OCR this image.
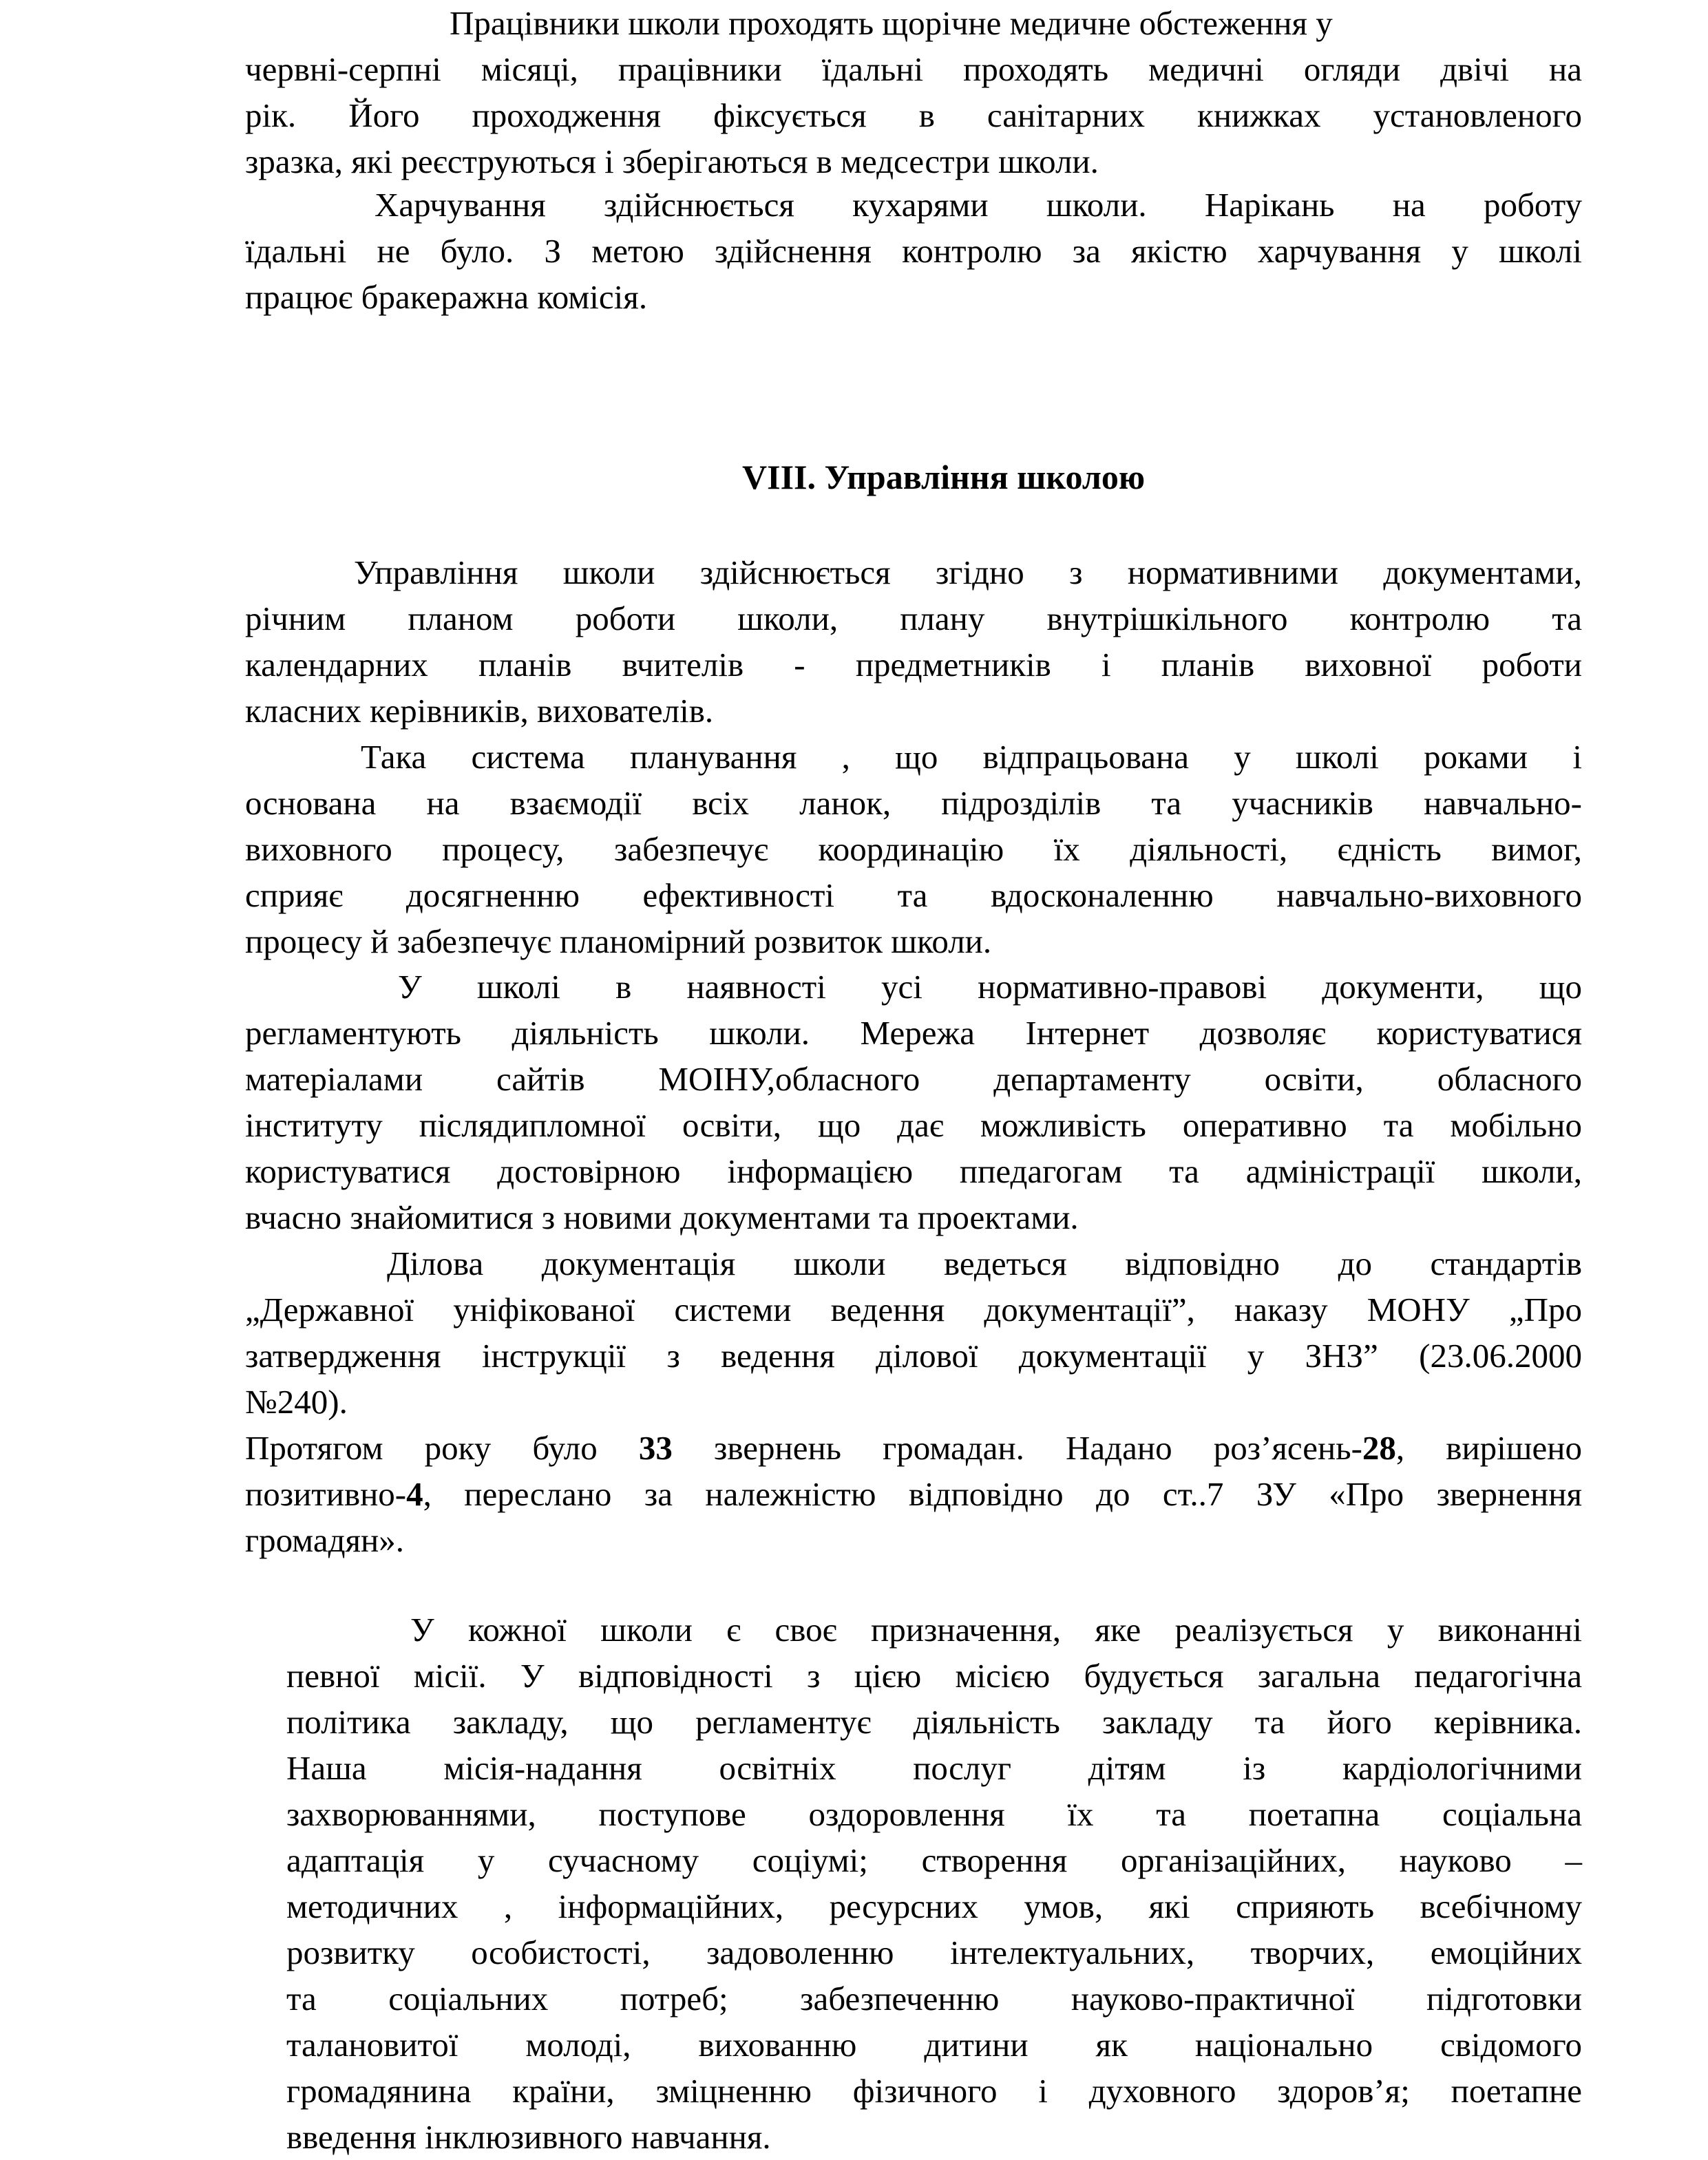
Працівники школи проходять щорічне медичне обстеження у
червні-серпні місяці, працівники їдальні проходять медичні огляди двічі на
рік. Його проходження фіксується в санітарних книжках установленого
зразка, які реєструються і зберігаються в медсестри школи.
Харчування здійснюється кухарями школи. Нарікань на роботу
їдальні не було. З метою здійснення контролю за якістю харчування у школі
працює бракеражна комісія.
VIII. Управління школою
Управління школи здійснюється згідно з нормативними документами,
річним планом роботи школи, плану внутрішкільного контролю та
календарних планів вчителів - предметників і планів виховної роботи
класних керівників, вихователів.
Така система планування , що відпрацьована у школі роками і
основана на взаємодії всіх ланок, підрозділів та учасників навчально-
виховного процесу, забезпечує координацію їх діяльності, єдність вимог,
сприяє досягненню ефективності та вдосконаленню навчально-виховного
процесу й забезпечує планомірний розвиток школи.
У школі в наявності усі нормативно-правові документи, що
регламентують діяльність школи. Мережа Інтернет дозволяє користуватися
матеріалами сайтів МОІНУ,обласного департаменту освіти, обласного
інституту післядипломної освіти, що дає можливість оперативно та мобільно
користуватися достовірною інформацією ппедагогам та адміністрації школи,
вчасно знайомитися з новими документами та проектами.
Ділова документація школи ведеться відповідно до стандартів
„Державної уніфікованої системи ведення документації”, наказу МОНУ „Про
затвердження інструкції з ведення ділової документації у ЗНЗ” (23.06.2000
№240).
Протягом року було 33 звернень громадан. Надано роз’ясень-28, вирішено
позитивно-4, переслано за належністю відповідно до ст..7 ЗУ «Про звернення
громадян».
У кожної школи є своє призначення, яке реалізується у виконанні
певної місії. У відповідності з цією місією будується загальна педагогічна
політика закладу, що регламентує діяльність закладу та його керівника.
Наша місія-надання освітніх послуг дітям із кардіологічними
захворюваннями, поступове оздоровлення їх та поетапна соціальна
адаптація у сучасному соціумі; створення організаційних, науково –
методичних , інформаційних, ресурсних умов, які сприяють всебічному
розвитку особистості, задоволенню інтелектуальних, творчих, емоційних
та соціальних потреб; забезпеченню науково-практичної підготовки
талановитої молоді, вихованню дитини як національно свідомого
громадянина країни, зміцненню фізичного і духовного здоров’я; поетапне
введення інклюзивного навчання.
